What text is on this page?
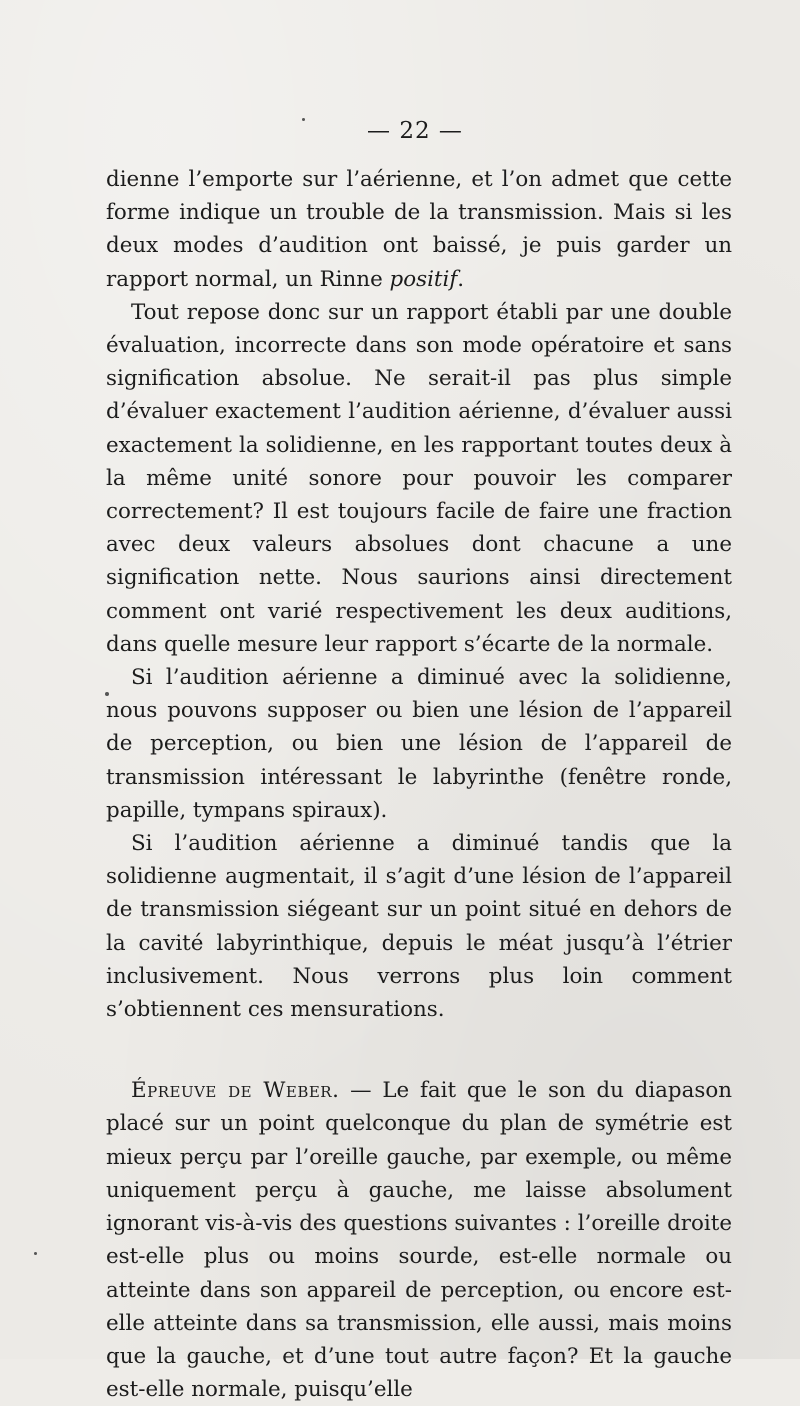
— 22 —

dienne l’emporte sur l’aérienne, et l’on admet que cette forme indique un trouble de la transmission. Mais si les deux modes d’audition ont baissé, je puis garder un rapport normal, un Rinne positif.

Tout repose donc sur un rapport établi par une double évaluation, incorrecte dans son mode opératoire et sans signification absolue. Ne serait-il pas plus simple d’évaluer exactement l’audition aérienne, d’évaluer aussi exactement la solidienne, en les rapportant toutes deux à la même unité sonore pour pouvoir les comparer correctement? Il est toujours facile de faire une fraction avec deux valeurs absolues dont chacune a une signification nette. Nous saurions ainsi directement comment ont varié respectivement les deux auditions, dans quelle mesure leur rapport s’écarte de la normale.

Si l’audition aérienne a diminué avec la solidienne, nous pouvons supposer ou bien une lésion de l’appareil de perception, ou bien une lésion de l’appareil de transmission intéressant le labyrinthe (fenêtre ronde, papille, tympans spiraux).

Si l’audition aérienne a diminué tandis que la solidienne augmentait, il s’agit d’une lésion de l’appareil de transmission siégeant sur un point situé en dehors de la cavité labyrinthique, depuis le méat jusqu’à l’étrier inclusivement. Nous verrons plus loin comment s’obtiennent ces mensurations.

Épreuve de Weber. — Le fait que le son du diapason placé sur un point quelconque du plan de symétrie est mieux perçu par l’oreille gauche, par exemple, ou même uniquement perçu à gauche, me laisse absolument ignorant vis-à-vis des questions suivantes : l’oreille droite est-elle plus ou moins sourde, est-elle normale ou atteinte dans son appareil de perception, ou encore est-elle atteinte dans sa transmission, elle aussi, mais moins que la gauche, et d’une tout autre façon? Et la gauche est-elle normale, puisqu’elle
